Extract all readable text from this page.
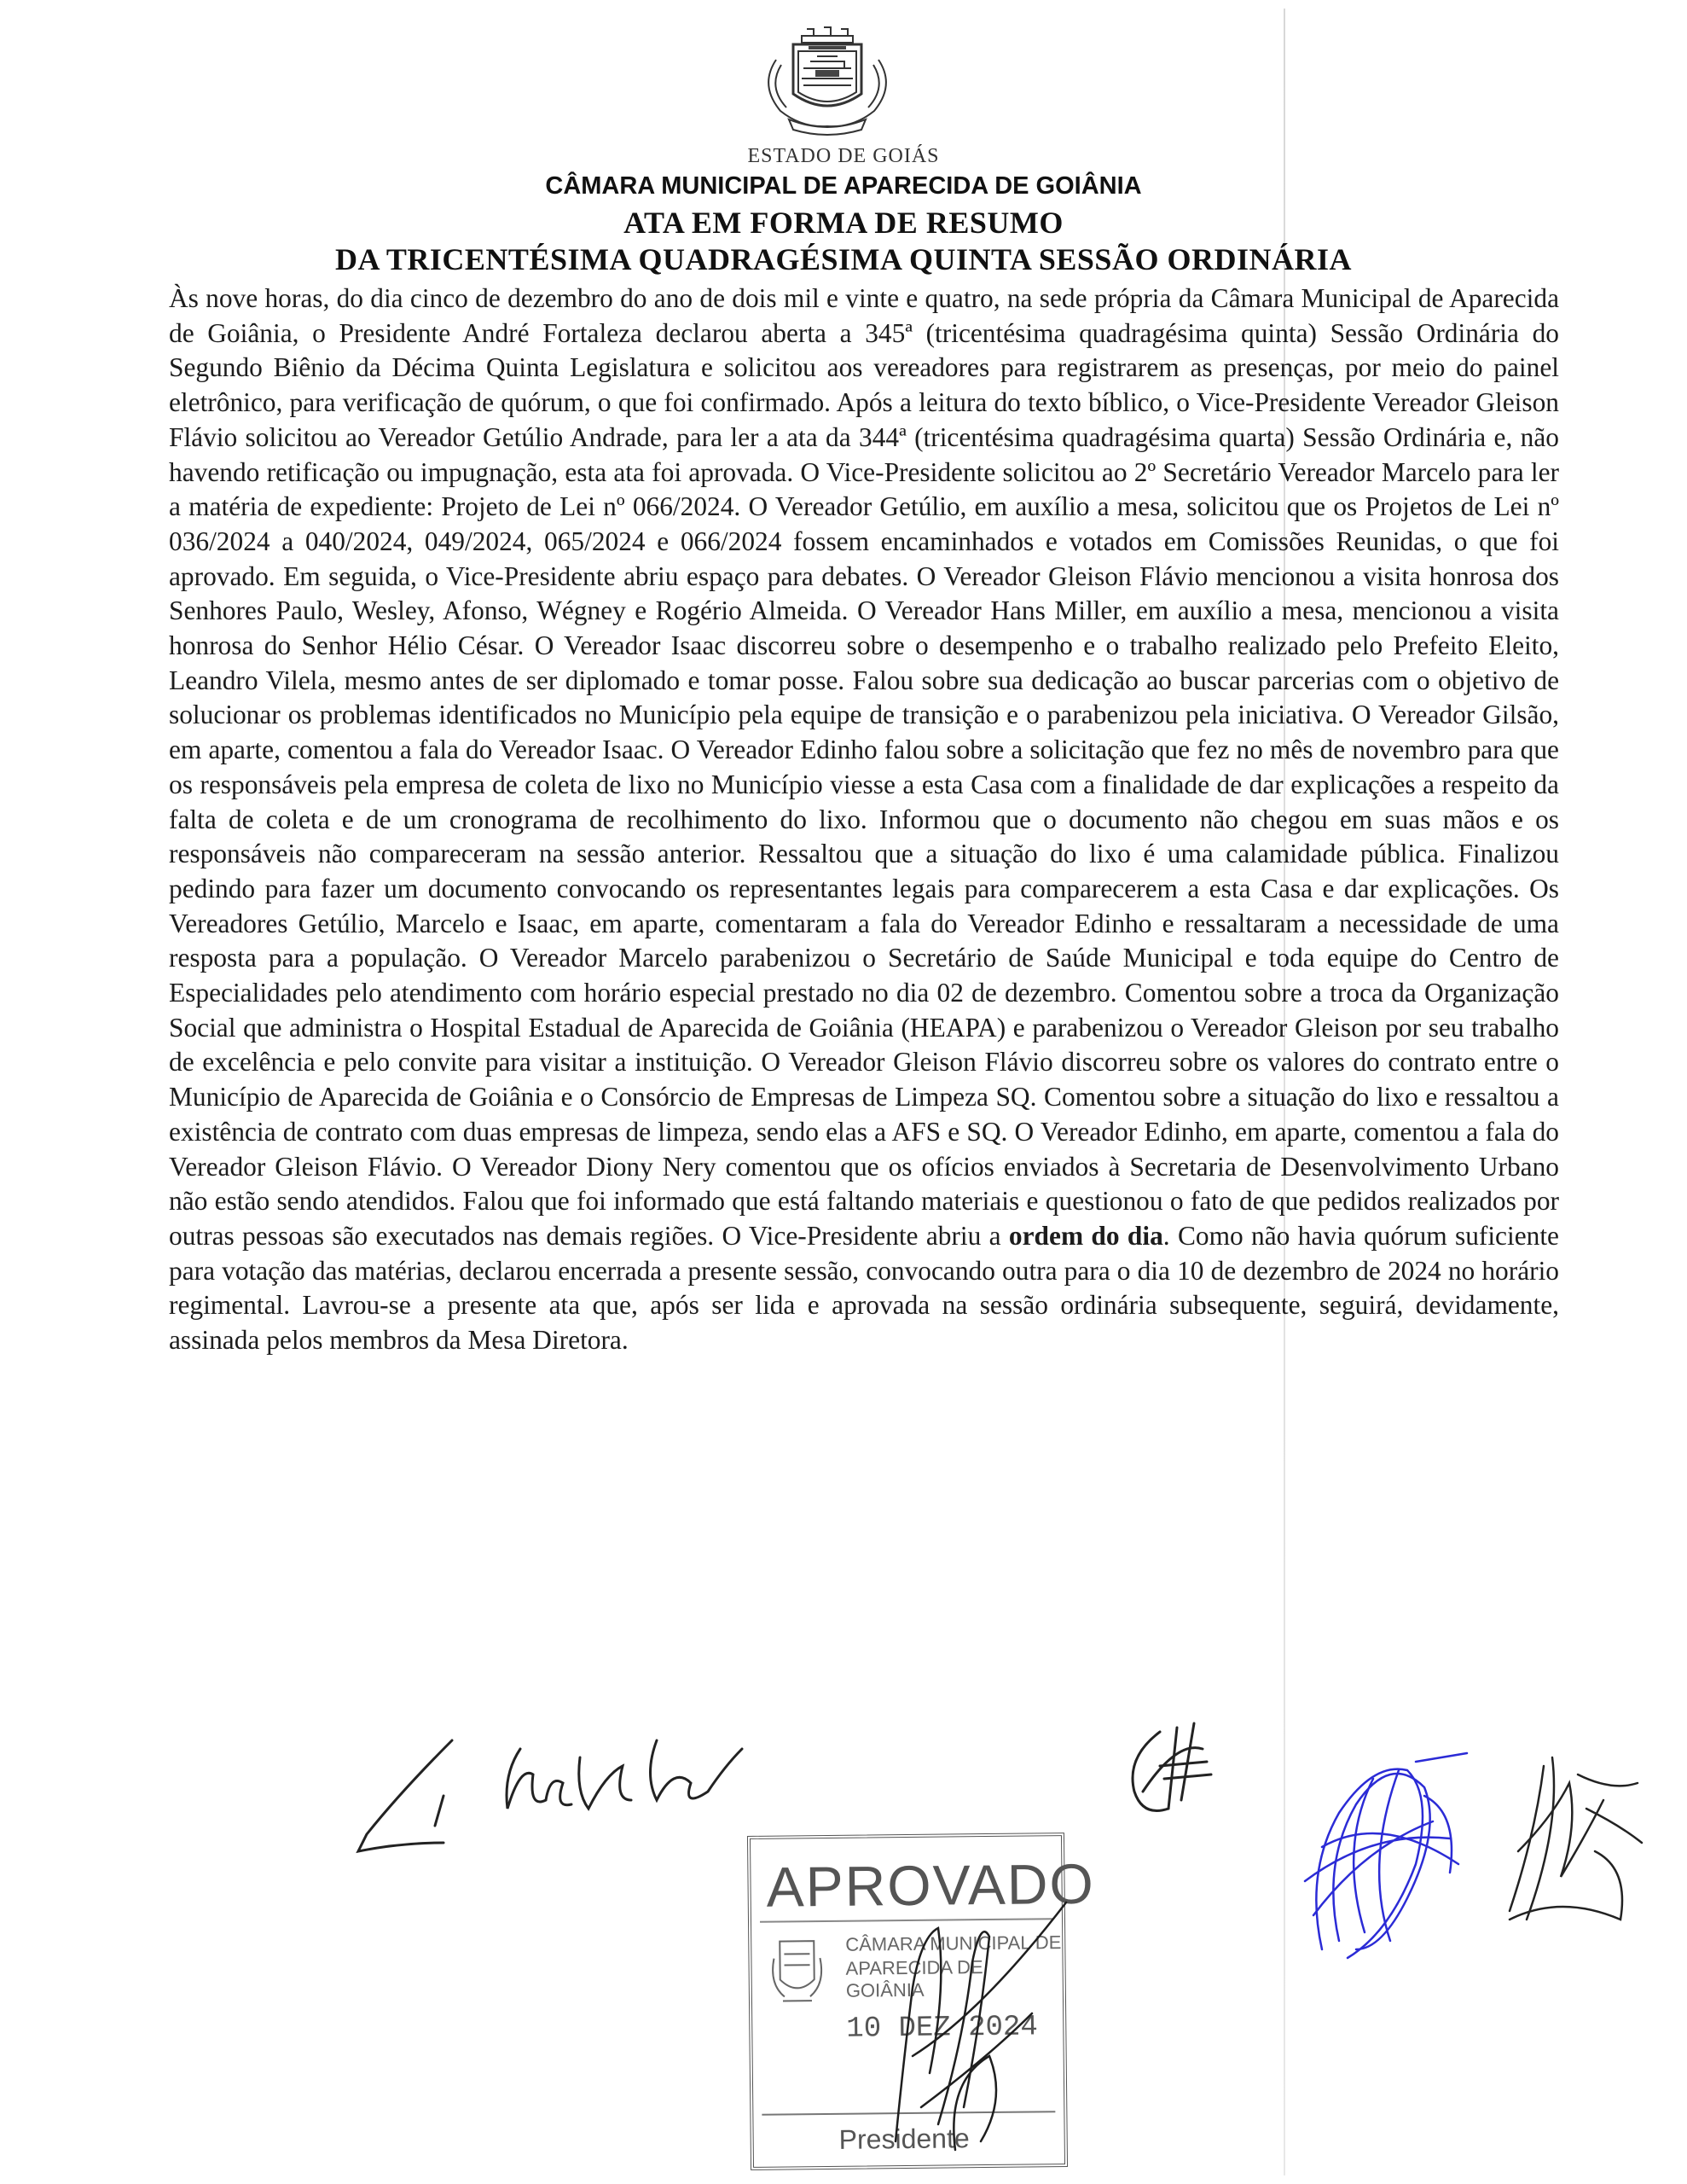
ESTADO DE GOIÁS
CÂMARA MUNICIPAL DE APARECIDA DE GOIÂNIA
ATA EM FORMA DE RESUMO
DA TRICENTÉSIMA QUADRAGÉSIMA QUINTA SESSÃO ORDINÁRIA
Às nove horas, do dia cinco de dezembro do ano de dois mil e vinte e quatro, na sede própria da Câmara Municipal de Aparecida de Goiânia, o Presidente André Fortaleza declarou aberta a 345ª (tricentésima quadragésima quinta) Sessão Ordinária do Segundo Biênio da Décima Quinta Legislatura e solicitou aos vereadores para registrarem as presenças, por meio do painel eletrônico, para verificação de quórum, o que foi confirmado. Após a leitura do texto bíblico, o Vice-Presidente Vereador Gleison Flávio solicitou ao Vereador Getúlio Andrade, para ler a ata da 344ª (tricentésima quadragésima quarta) Sessão Ordinária e, não havendo retificação ou impugnação, esta ata foi aprovada. O Vice-Presidente solicitou ao 2º Secretário Vereador Marcelo para ler a matéria de expediente: Projeto de Lei nº 066/2024. O Vereador Getúlio, em auxílio a mesa, solicitou que os Projetos de Lei nº 036/2024 a 040/2024, 049/2024, 065/2024 e 066/2024 fossem encaminhados e votados em Comissões Reunidas, o que foi aprovado. Em seguida, o Vice-Presidente abriu espaço para debates. O Vereador Gleison Flávio mencionou a visita honrosa dos Senhores Paulo, Wesley, Afonso, Wégney e Rogério Almeida. O Vereador Hans Miller, em auxílio a mesa, mencionou a visita honrosa do Senhor Hélio César. O Vereador Isaac discorreu sobre o desempenho e o trabalho realizado pelo Prefeito Eleito, Leandro Vilela, mesmo antes de ser diplomado e tomar posse. Falou sobre sua dedicação ao buscar parcerias com o objetivo de solucionar os problemas identificados no Município pela equipe de transição e o parabenizou pela iniciativa. O Vereador Gilsão, em aparte, comentou a fala do Vereador Isaac. O Vereador Edinho falou sobre a solicitação que fez no mês de novembro para que os responsáveis pela empresa de coleta de lixo no Município viesse a esta Casa com a finalidade de dar explicações a respeito da falta de coleta e de um cronograma de recolhimento do lixo. Informou que o documento não chegou em suas mãos e os responsáveis não compareceram na sessão anterior. Ressaltou que a situação do lixo é uma calamidade pública. Finalizou pedindo para fazer um documento convocando os representantes legais para comparecerem a esta Casa e dar explicações. Os Vereadores Getúlio, Marcelo e Isaac, em aparte, comentaram a fala do Vereador Edinho e ressaltaram a necessidade de uma resposta para a população. O Vereador Marcelo parabenizou o Secretário de Saúde Municipal e toda equipe do Centro de Especialidades pelo atendimento com horário especial prestado no dia 02 de dezembro. Comentou sobre a troca da Organização Social que administra o Hospital Estadual de Aparecida de Goiânia (HEAPA) e parabenizou o Vereador Gleison por seu trabalho de excelência e pelo convite para visitar a instituição. O Vereador Gleison Flávio discorreu sobre os valores do contrato entre o Município de Aparecida de Goiânia e o Consórcio de Empresas de Limpeza SQ. Comentou sobre a situação do lixo e ressaltou a existência de contrato com duas empresas de limpeza, sendo elas a AFS e SQ. O Vereador Edinho, em aparte, comentou a fala do Vereador Gleison Flávio. O Vereador Diony Nery comentou que os ofícios enviados à Secretaria de Desenvolvimento Urbano não estão sendo atendidos. Falou que foi informado que está faltando materiais e questionou o fato de que pedidos realizados por outras pessoas são executados nas demais regiões. O Vice-Presidente abriu a ordem do dia. Como não havia quórum suficiente para votação das matérias, declarou encerrada a presente sessão, convocando outra para o dia 10 de dezembro de 2024 no horário regimental. Lavrou-se a presente ata que, após ser lida e aprovada na sessão ordinária subsequente, seguirá, devidamente, assinada pelos membros da Mesa Diretora.
APROVADO
CÂMARA MUNICIPAL DE
APARECIDA DE GOIÂNIA
10 DEZ 2024
Presidente
